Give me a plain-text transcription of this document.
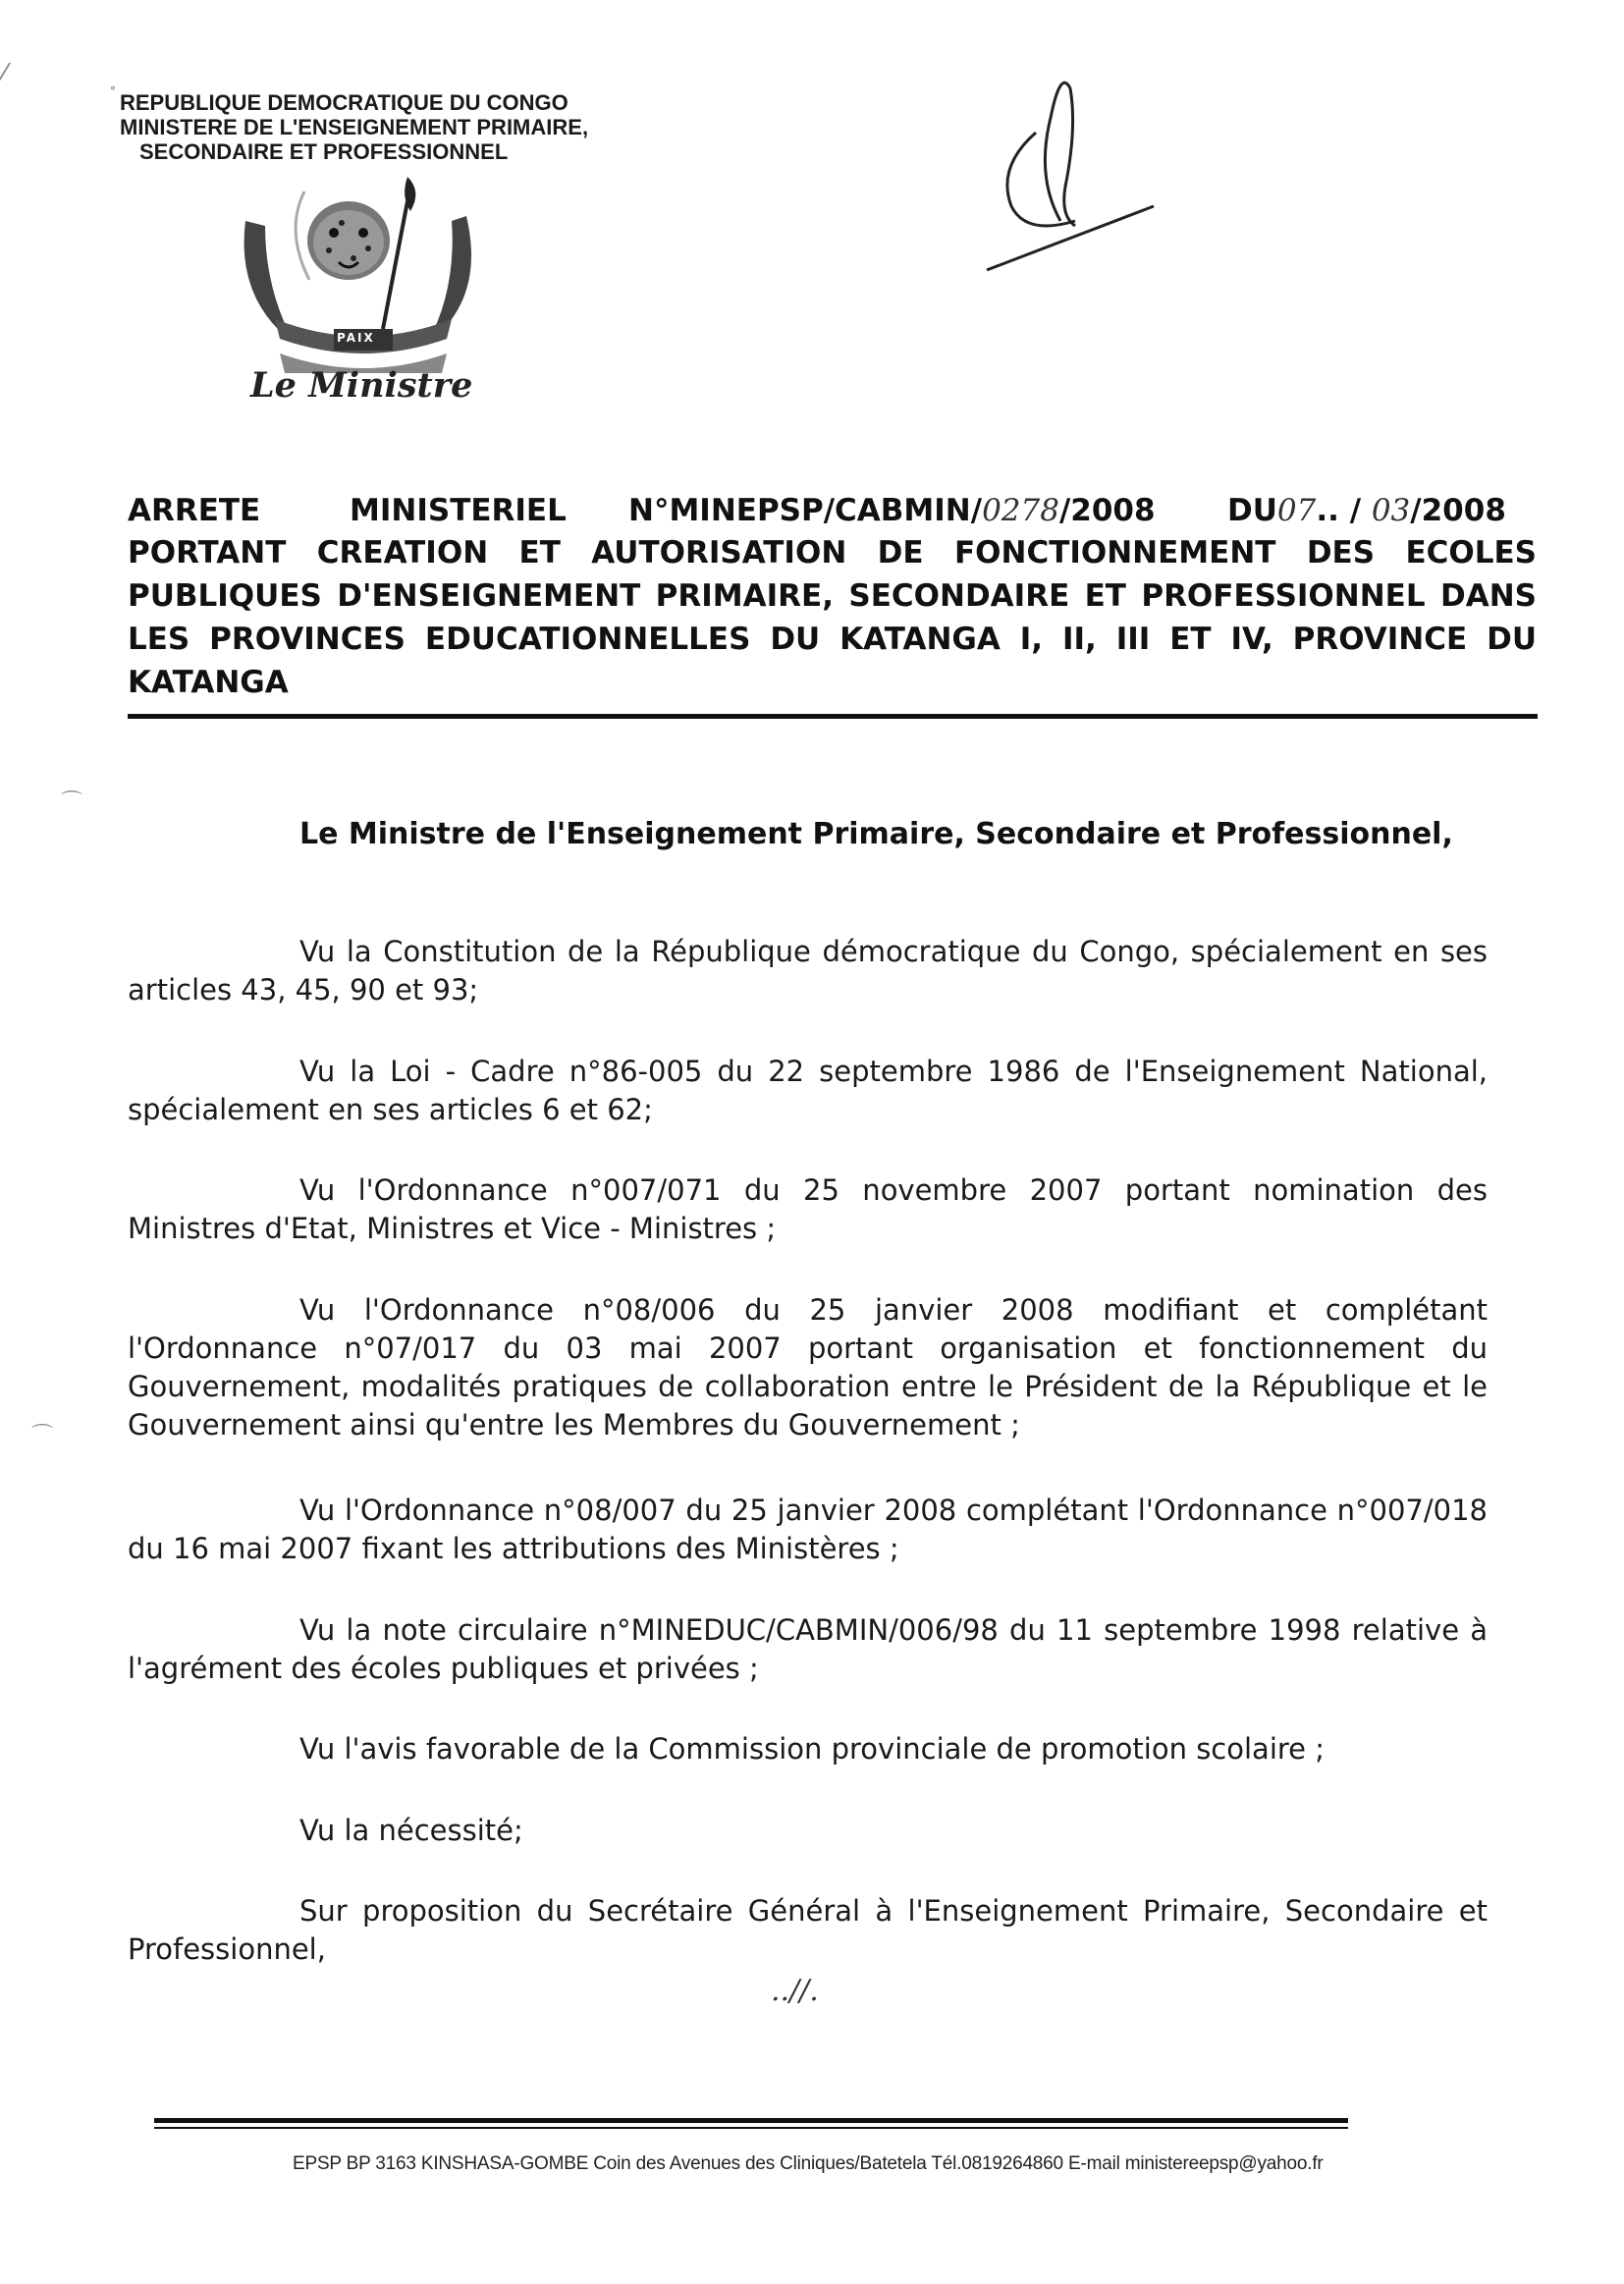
° REPUBLIQUE DEMOCRATIQUE DU CONGO
MINISTERE DE L'ENSEIGNEMENT PRIMAIRE,
SECONDAIRE ET PROFESSIONNEL
PAIX
Le Ministre
ARRETE	MINISTERIEL N°MINEPSP/CABMIN/0278/2008 DU07.. / 03/2008
PORTANT CREATION ET AUTORISATION DE FONCTIONNEMENT DES ECOLES
PUBLIQUES D'ENSEIGNEMENT PRIMAIRE, SECONDAIRE ET PROFESSIONNEL DANS
LES PROVINCES EDUCATIONNELLES DU KATANGA I, II, III ET IV, PROVINCE DU
KATANGA
⌒
⌒
⁄
Le Ministre de l'Enseignement Primaire, Secondaire et Professionnel,
Vu la Constitution de la République démocratique du Congo, spécialement en ses articles 43, 45, 90 et 93;
Vu la Loi - Cadre n°86-005 du 22 septembre 1986 de l'Enseignement National, spécialement en ses articles 6 et 62;
Vu l'Ordonnance n°007/071 du 25 novembre 2007 portant nomination des Ministres d'Etat, Ministres et Vice - Ministres ;
Vu l'Ordonnance n°08/006 du 25 janvier 2008 modifiant et complétant l'Ordonnance n°07/017 du 03 mai 2007 portant organisation et fonctionnement du Gouvernement, modalités pratiques de collaboration entre le Président de la République et le Gouvernement ainsi qu'entre les Membres du Gouvernement ;
Vu l'Ordonnance n°08/007 du 25 janvier 2008 complétant l'Ordonnance n°007/018 du 16 mai 2007 fixant les attributions des Ministères ;
Vu la note circulaire n°MINEDUC/CABMIN/006/98 du 11 septembre 1998 relative à l'agrément des écoles publiques et privées ;
Vu l'avis favorable de la Commission provinciale de promotion scolaire ;
Vu la nécessité;
Sur proposition du Secrétaire Général à l'Enseignement Primaire, Secondaire et Professionnel,
..//.
EPSP BP 3163 KINSHASA-GOMBE Coin des Avenues des Cliniques/Batetela Tél.0819264860 E-mail ministereepsp@yahoo.fr
